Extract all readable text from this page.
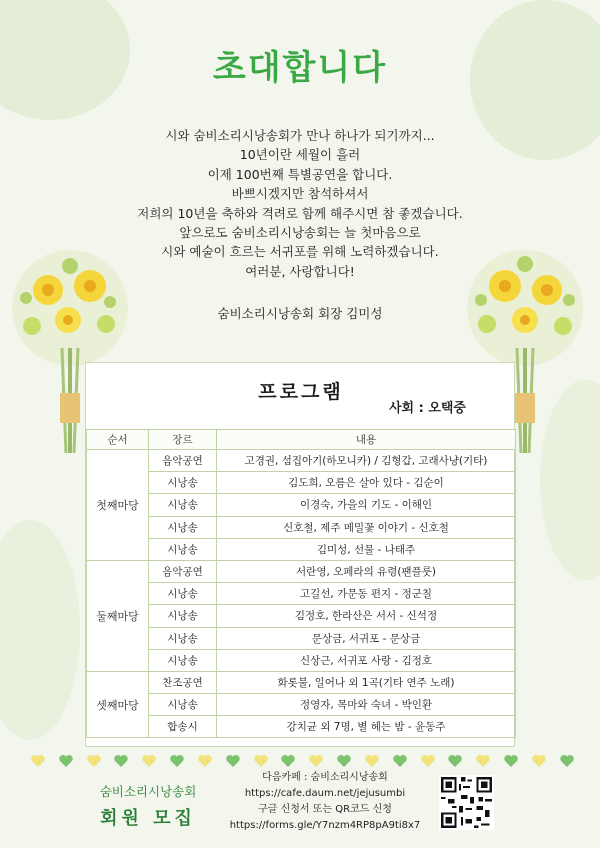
초대합니다
시와 숨비소리시낭송회가 만나 하나가 되기까지...
10년이란 세월이 흘러
이제 100번째 특별공연을 합니다.
바쁘시겠지만 참석하셔서
저희의 10년을 축하와 격려로 함께 해주시면 참 좋겠습니다.
앞으로도 숨비소리시낭송회는 늘 첫마음으로
시와 예술이 흐르는 서귀포를 위해 노력하겠습니다.
여러분, 사랑합니다!
숨비소리시낭송회 회장 김미성
프로그램
사회 : 오택중
순서	장르	내용
첫째마당	음악공연	고경권, 섬집아기(하모니카) / 김형갑, 고래사냥(기타)
	시낭송	김도희, 오름은 살아 있다 - 김순이
	시낭송	이경숙, 가을의 기도 - 이해인
	시낭송	신호철, 제주 메밀꽃 이야기 - 신호철
	시낭송	김미성, 선물 - 나태주
둘째마당	음악공연	서란영, 오페라의 유령(팬플룻)
	시낭송	고길선, 가문동 편지 - 정군칠
	시낭송	김정호, 한라산은 서서 - 신석정
	시낭송	문상금, 서귀포 - 문상금
	시낭송	신상근, 서귀포 사랑 - 김정호
셋째마당	찬조공연	화롯불, 일어나 외 1곡(기타 연주 노래)
	시낭송	정영자, 목마와 숙녀 - 박인환
	합송시	강치균 외 7명, 별 헤는 밤 - 윤동주
숨비소리시낭송회
회원 모집
다음카페 : 숨비소리시낭송회
https://cafe.daum.net/jejusumbi
구글 신청서 또는 QR코드 신청
https://forms.gle/Y7nzm4RP8pA9ti8x7
